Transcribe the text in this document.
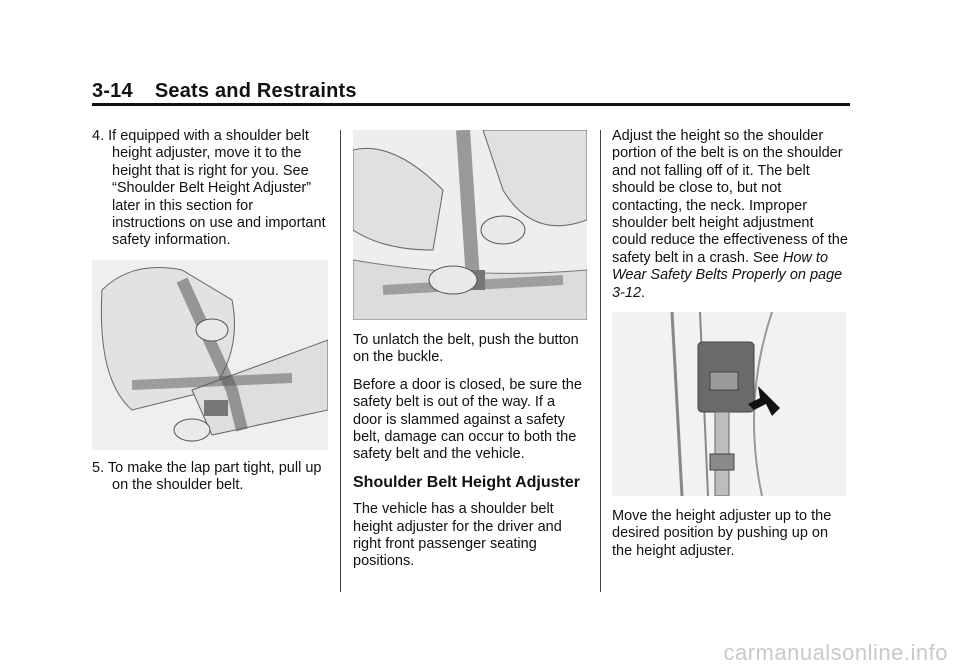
3-14 Seats and Restraints

4. If equipped with a shoulder belt height adjuster, move it to the height that is right for you. See “Shoulder Belt Height Adjuster” later in this section for instructions on use and important safety information.

5. To make the lap part tight, pull up on the shoulder belt.

To unlatch the belt, push the button on the buckle.

Before a door is closed, be sure the safety belt is out of the way. If a door is slammed against a safety belt, damage can occur to both the safety belt and the vehicle.

Shoulder Belt Height Adjuster

The vehicle has a shoulder belt height adjuster for the driver and right front passenger seating positions.

Adjust the height so the shoulder portion of the belt is on the shoulder and not falling off of it. The belt should be close to, but not contacting, the neck. Improper shoulder belt height adjustment could reduce the effectiveness of the safety belt in a crash. See How to Wear Safety Belts Properly on page 3-12.

Move the height adjuster up to the desired position by pushing up on the height adjuster.

carmanualsonline.info
